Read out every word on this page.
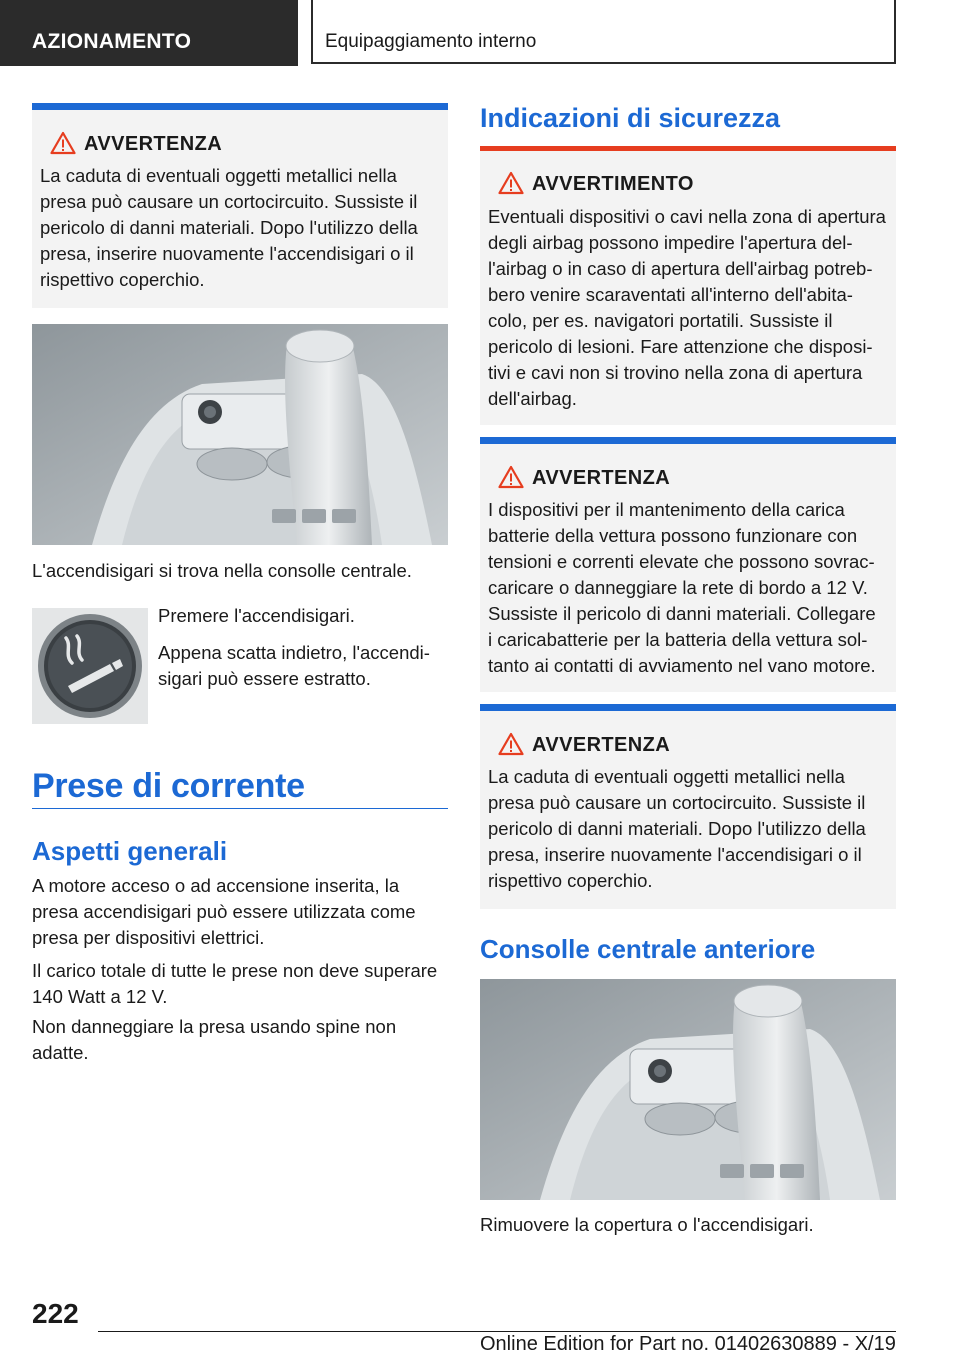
AZIONAMENTO	Equipaggiamento interno
AVVERTENZA
La caduta di eventuali oggetti metallici nella
presa può causare un cortocircuito. Sussiste il
pericolo di danni materiali. Dopo l'utilizzo della
presa, inserire nuovamente l'accendisigari o il
rispettivo coperchio.
L'accendisigari si trova nella consolle centrale.
Premere l'accendisigari.
Appena scatta indietro, l'accendi-
sigari può essere estratto.
Prese di corrente
Aspetti generali
A motore acceso o ad accensione inserita, la
presa accendisigari può essere utilizzata come
presa per dispositivi elettrici.
Il carico totale di tutte le prese non deve superare
140 Watt a 12 V.
Non danneggiare la presa usando spine non
adatte.
Indicazioni di sicurezza
AVVERTIMENTO
Eventuali dispositivi o cavi nella zona di apertura
degli airbag possono impedire l'apertura del-
l'airbag o in caso di apertura dell'airbag potreb-
bero venire scaraventati all'interno dell'abita-
colo, per es. navigatori portatili. Sussiste il
pericolo di lesioni. Fare attenzione che disposi-
tivi e cavi non si trovino nella zona di apertura
dell'airbag.
AVVERTENZA
I dispositivi per il mantenimento della carica
batterie della vettura possono funzionare con
tensioni e correnti elevate che possono sovrac-
caricare o danneggiare la rete di bordo a 12 V.
Sussiste il pericolo di danni materiali. Collegare
i caricabatterie per la batteria della vettura sol-
tanto ai contatti di avviamento nel vano motore.
AVVERTENZA
La caduta di eventuali oggetti metallici nella
presa può causare un cortocircuito. Sussiste il
pericolo di danni materiali. Dopo l'utilizzo della
presa, inserire nuovamente l'accendisigari o il
rispettivo coperchio.
Consolle centrale anteriore
Rimuovere la copertura o l'accendisigari.
222
Online Edition for Part no. 01402630889 - X/19
